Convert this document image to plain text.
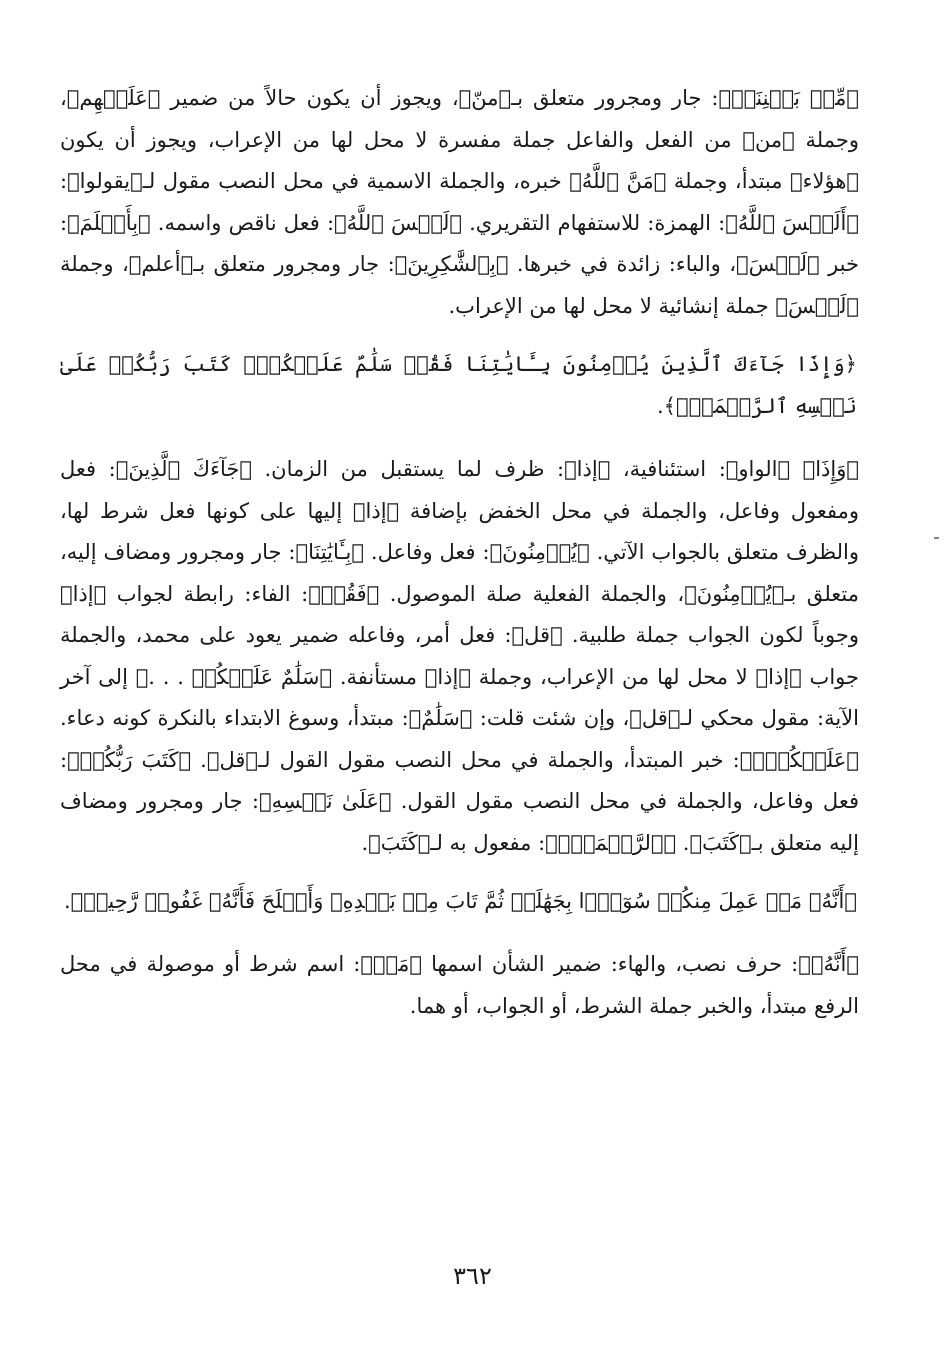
﴿مِّنۢ بَيۡنِنَآۗ﴾: جار ومجرور متعلق بـ﴿منّ﴾، ويجوز أن يكون حالاً من ضمير ﴿عَلَيۡهِم﴾، وجملة ﴿من﴾ من الفعل والفاعل جملة مفسرة لا محل لها من الإعراب، ويجوز أن يكون ﴿هؤلاء﴾ مبتدأ، وجملة ﴿مَنَّ ٱللَّهُ﴾ خبره، والجملة الاسمية في محل النصب مقول لـ﴿يقولوا﴾: ﴿أَلَيۡسَ ٱللَّهُ﴾: الهمزة: للاستفهام التقريري. ﴿لَيۡسَ ٱللَّهُ﴾: فعل ناقص واسمه. ﴿بِأَعۡلَمَ﴾: خبر ﴿لَيۡسَ﴾، والباء: زائدة في خبرها. ﴿بِٱلشَّٰكِرِينَ﴾: جار ومجرور متعلق بـ﴿أعلم﴾، وجملة ﴿لَيۡسَ﴾ جملة إنشائية لا محل لها من الإعراب.

﴿وَإِذَا جَآءَكَ ٱلَّذِينَ يُؤۡمِنُونَ بِـَٔايَٰتِنَا فَقُلۡ سَلَٰمٌ عَلَيۡكُمۡۖ كَتَبَ رَبُّكُمۡ عَلَىٰ نَفۡسِهِ ٱلرَّحۡمَةَۖ﴾.

﴿وَإِذَا﴾ ﴿الواو﴾: استئنافية، ﴿إذا﴾: ظرف لما يستقبل من الزمان. ﴿جَآءَكَ ٱلَّذِينَ﴾: فعل ومفعول وفاعل، والجملة في محل الخفض بإضافة ﴿إذا﴾ إليها على كونها فعل شرط لها، والظرف متعلق بالجواب الآتي. ﴿يُؤۡمِنُونَ﴾: فعل وفاعل. ﴿بِـَٔايَٰتِنَا﴾: جار ومجرور ومضاف إليه، متعلق بـ﴿يُؤۡمِنُونَ﴾، والجملة الفعلية صلة الموصول. ﴿فَقُلۡ﴾: الفاء: رابطة لجواب ﴿إذا﴾ وجوباً لكون الجواب جملة طلبية. ﴿قل﴾: فعل أمر، وفاعله ضمير يعود على محمد، والجملة جواب ﴿إذا﴾ لا محل لها من الإعراب، وجملة ﴿إذا﴾ مستأنفة. ﴿سَلَٰمٌ عَلَيۡكُمۡ . . .﴾ إلى آخر الآية: مقول محكي لـ﴿قل﴾، وإن شئت قلت: ﴿سَلَٰمٌ﴾: مبتدأ، وسوغ الابتداء بالنكرة كونه دعاء. ﴿عَلَيۡكُمۡۖ﴾: خبر المبتدأ، والجملة في محل النصب مقول القول لـ﴿قل﴾. ﴿كَتَبَ رَبُّكُمۡ﴾: فعل وفاعل، والجملة في محل النصب مقول القول. ﴿عَلَىٰ نَفۡسِهِ﴾: جار ومجرور ومضاف إليه متعلق بـ﴿كَتَبَ﴾. ﴿ٱلرَّحۡمَةَۖ﴾: مفعول به لـ﴿كَتَبَ﴾.

﴿أَنَّهُۥ مَنۡ عَمِلَ مِنكُمۡ سُوٓءَۢا بِجَهَٰلَةٖ ثُمَّ تَابَ مِنۢ بَعۡدِهِۦ وَأَصۡلَحَ فَأَنَّهُۥ غَفُورٞ رَّحِيمٞ﴾.

﴿أَنَّهُۥ﴾: حرف نصب، والهاء: ضمير الشأن اسمها ﴿مَنۡ﴾: اسم شرط أو موصولة في محل الرفع مبتدأ، والخبر جملة الشرط، أو الجواب، أو هما.

٣٦٢
